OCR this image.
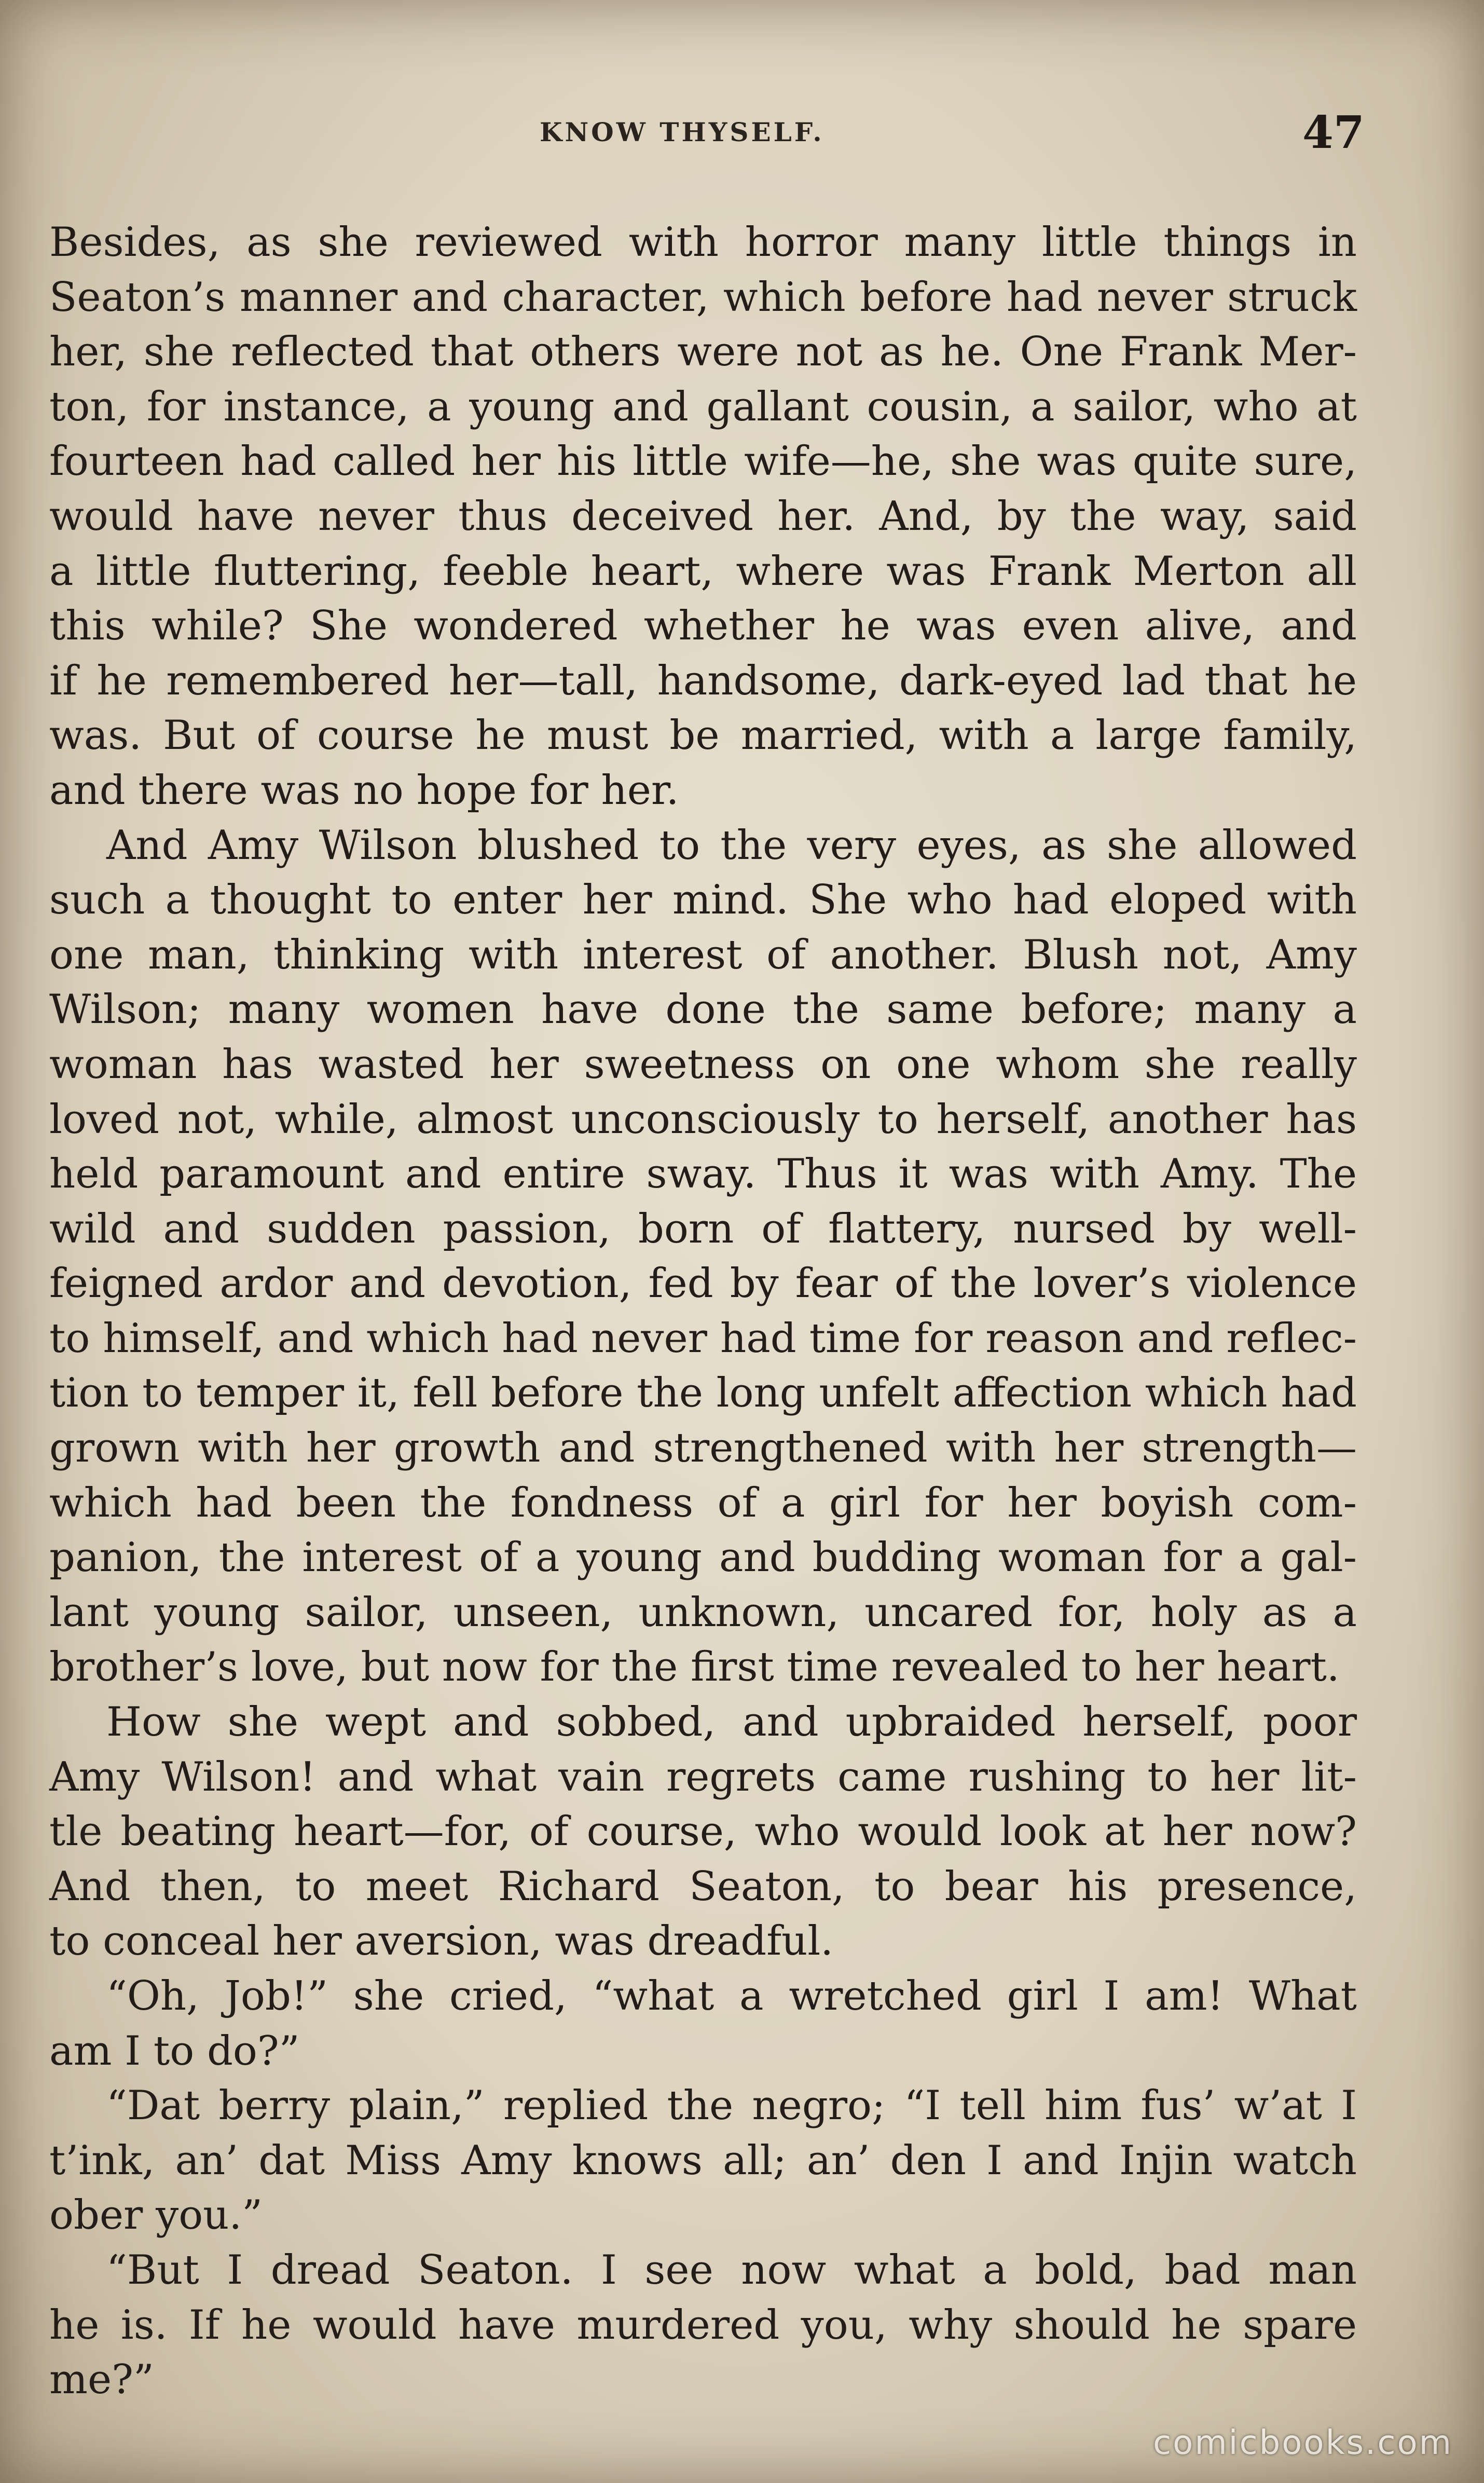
KNOW THYSELF.	47
Besides, as she reviewed with horror many little things in
Seaton’s manner and character, which before had never struck
her, she reflected that others were not as he. One Frank Mer-
ton, for instance, a young and gallant cousin, a sailor, who at
fourteen had called her his little wife—he, she was quite sure,
would have never thus deceived her. And, by the way, said
a little fluttering, feeble heart, where was Frank Merton all
this while? She wondered whether he was even alive, and
if he remembered her—tall, handsome, dark-eyed lad that he
was. But of course he must be married, with a large family,
and there was no hope for her.
And Amy Wilson blushed to the very eyes, as she allowed
such a thought to enter her mind. She who had eloped with
one man, thinking with interest of another. Blush not, Amy
Wilson; many women have done the same before; many a
woman has wasted her sweetness on one whom she really
loved not, while, almost unconsciously to herself, another has
held paramount and entire sway. Thus it was with Amy. The
wild and sudden passion, born of flattery, nursed by well-
feigned ardor and devotion, fed by fear of the lover’s violence
to himself, and which had never had time for reason and reflec-
tion to temper it, fell before the long unfelt affection which had
grown with her growth and strengthened with her strength—
which had been the fondness of a girl for her boyish com-
panion, the interest of a young and budding woman for a gal-
lant young sailor, unseen, unknown, uncared for, holy as a
brother’s love, but now for the first time revealed to her heart.
How she wept and sobbed, and upbraided herself, poor
Amy Wilson! and what vain regrets came rushing to her lit-
tle beating heart—for, of course, who would look at her now?
And then, to meet Richard Seaton, to bear his presence,
to conceal her aversion, was dreadful.
“Oh, Job!” she cried, “what a wretched girl I am! What
am I to do?”
“Dat berry plain,” replied the negro; “I tell him fus’ w’at I
t’ink, an’ dat Miss Amy knows all; an’ den I and Injin watch
ober you.”
“But I dread Seaton. I see now what a bold, bad man
he is. If he would have murdered you, why should he spare
me?”
comicbooks.com
